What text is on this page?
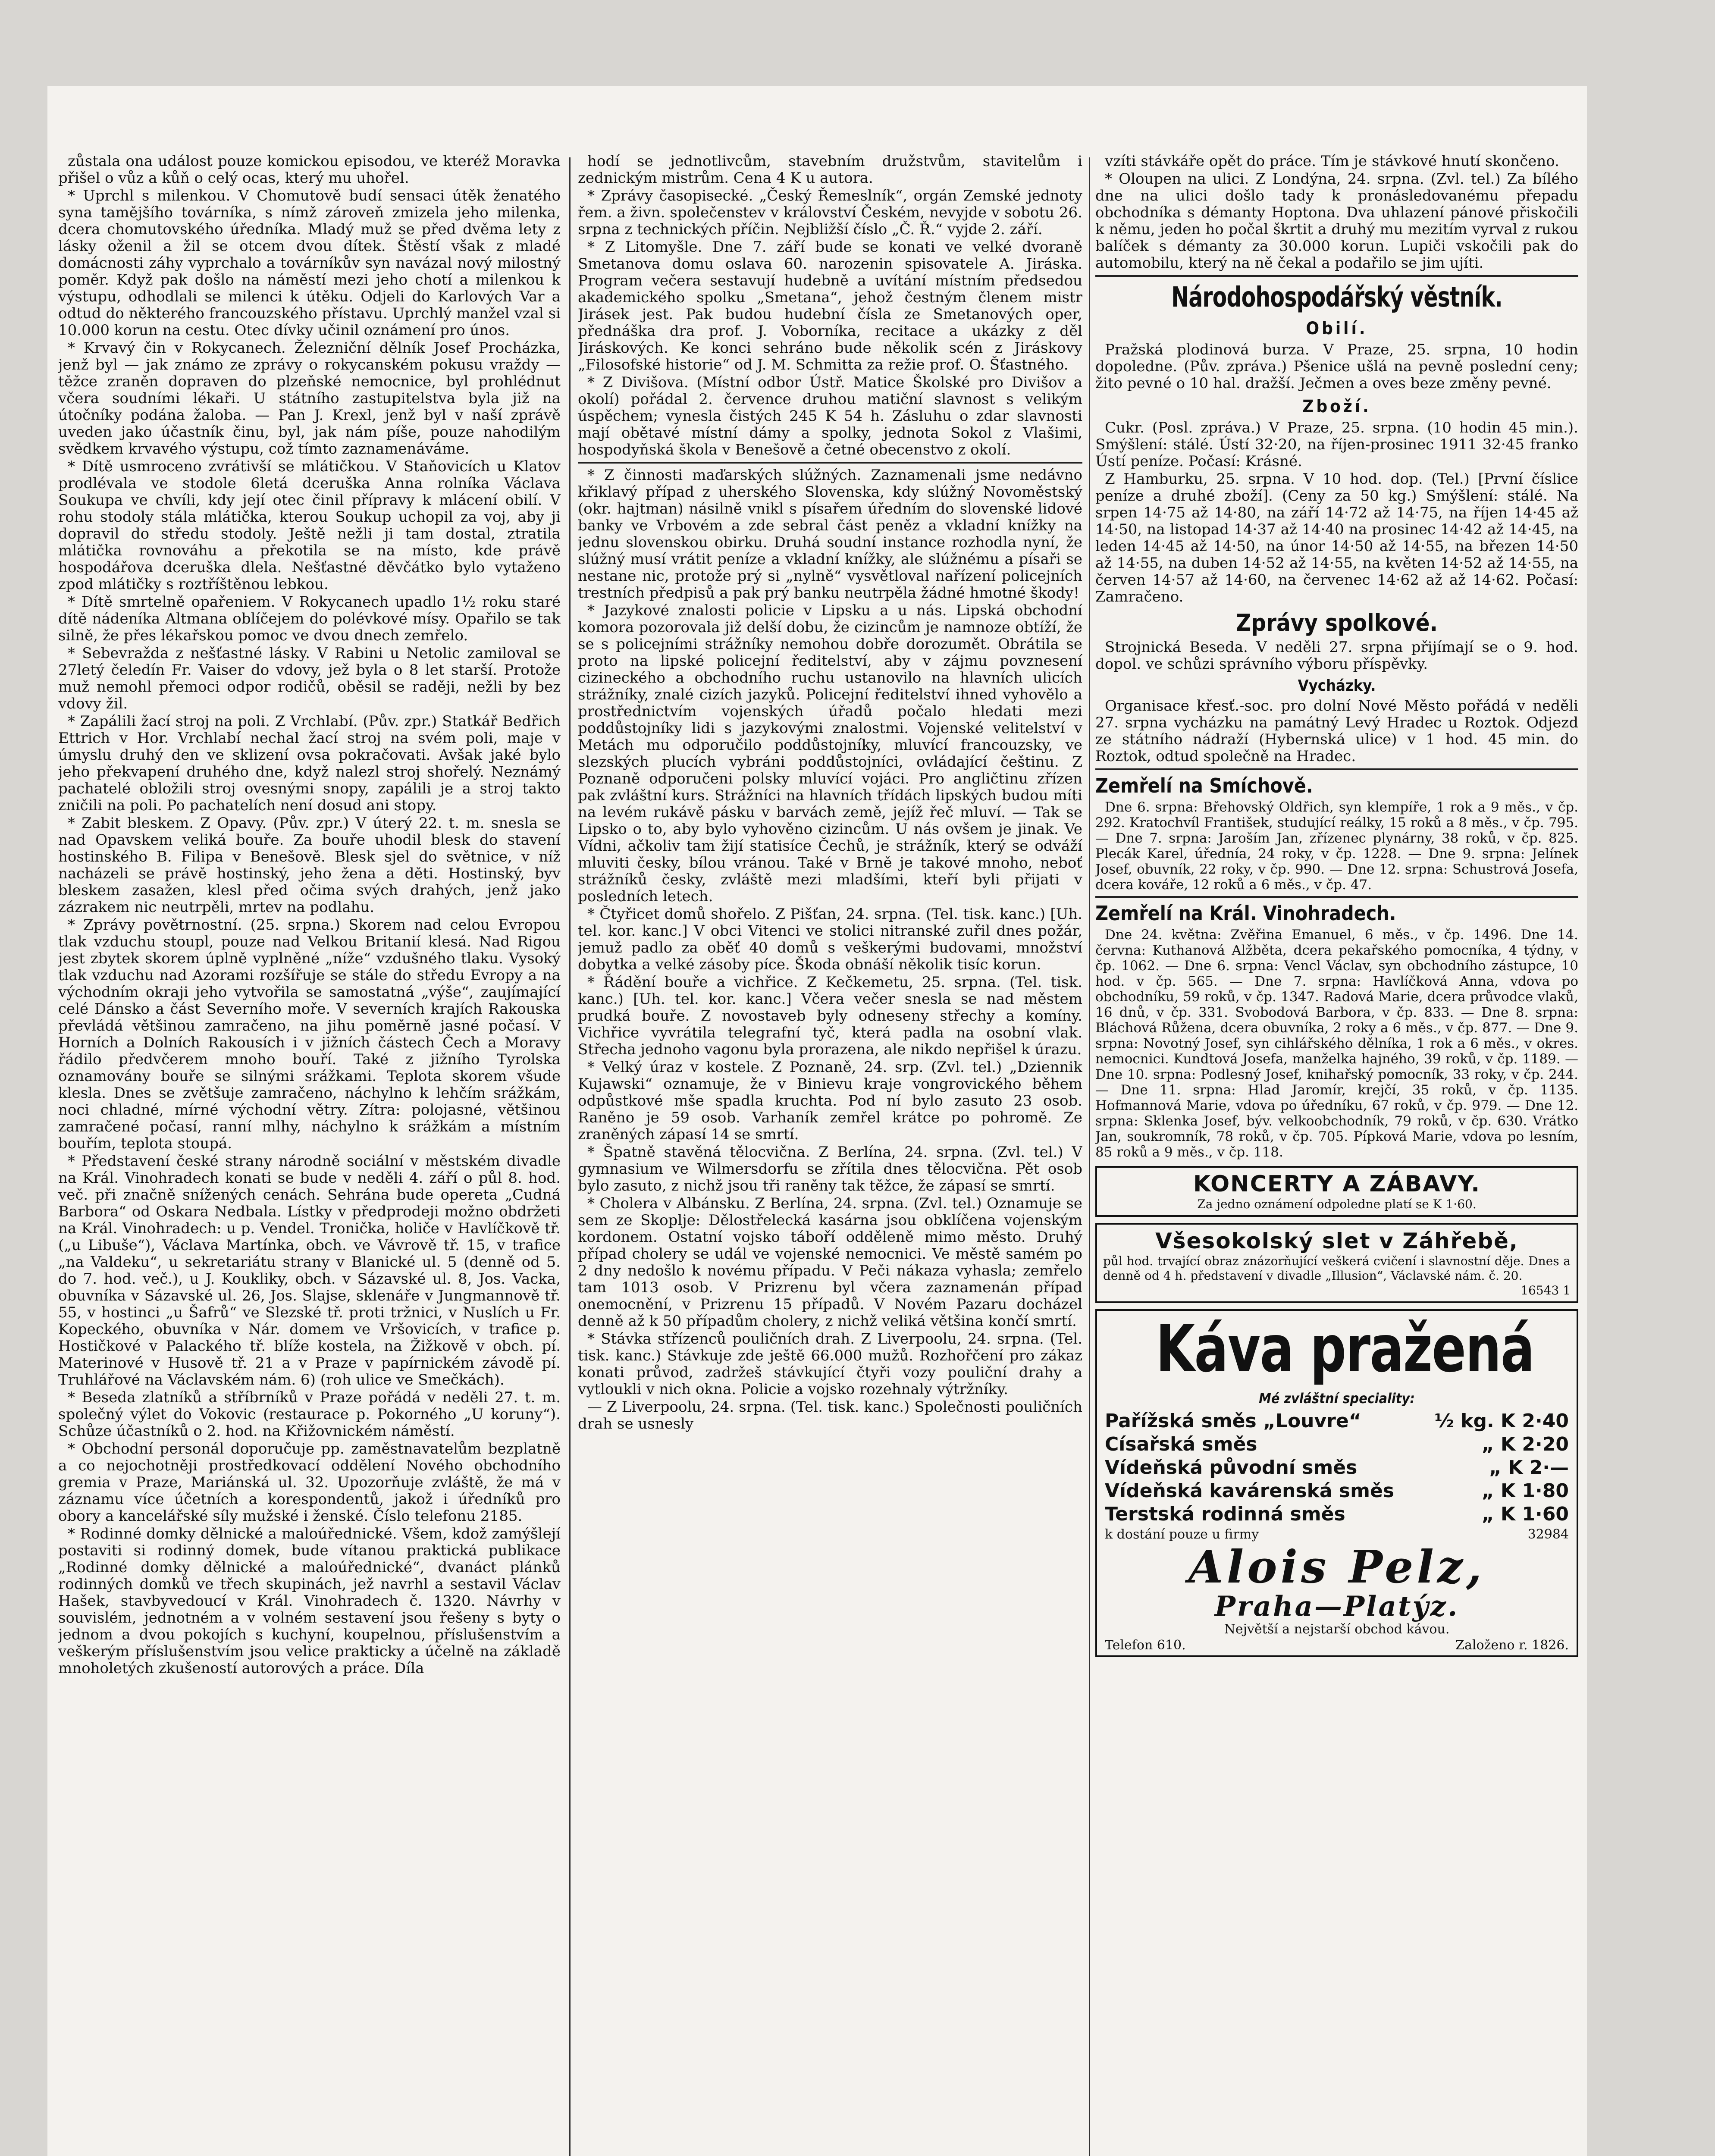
zůstala ona událost pouze komickou episodou, ve kteréž Moravka přišel o vůz a kůň o celý ocas, který mu uhořel.

* Uprchl s milenkou. V Chomutově budí sensaci útěk ženatého syna tamějšího továrníka, s nímž zároveň zmizela jeho milenka, dcera chomutovského úředníka. Mladý muž se před dvěma lety z lásky oženil a žil se otcem dvou dítek. Štěstí však z mladé domácnosti záhy vyprchalo a továrníkův syn navázal nový milostný poměr. Když pak došlo na náměstí mezi jeho chotí a milenkou k výstupu, odhodlali se milenci k útěku. Odjeli do Karlových Var a odtud do některého francouzského přístavu. Uprchlý manžel vzal si 10.000 korun na cestu. Otec dívky učinil oznámení pro únos.

* Krvavý čin v Rokycanech. Železniční dělník Josef Procházka, jenž byl — jak známo ze zprávy o rokycanském pokusu vraždy — těžce zraněn dopraven do plzeňské nemocnice, byl prohlédnut včera soudními lékaři. U státního zastupitelstva byla již na útočníky podána žaloba. — Pan J. Krexl, jenž byl v naší zprávě uveden jako účastník činu, byl, jak nám píše, pouze nahodilým svědkem krvavého výstupu, což tímto zaznamenáváme.

* Dítě usmroceno zvrátivší se mlátičkou. V Staňovicích u Klatov prodlévala ve stodole 6letá dceruška Anna rolníka Václava Soukupa ve chvíli, kdy její otec činil přípravy k mlácení obilí. V rohu stodoly stála mlátička, kterou Soukup uchopil za voj, aby ji dopravil do středu stodoly. Ještě nežli ji tam dostal, ztratila mlátička rovnováhu a překotila se na místo, kde právě hospodářova dceruška dlela. Nešťastné děvčátko bylo vytaženo zpod mlátičky s roztříštěnou lebkou.

* Dítě smrtelně opařeniem. V Rokycanech upadlo 1½ roku staré dítě nádeníka Altmana oblíčejem do polévkové mísy. Opařilo se tak silně, že přes lékařskou pomoc ve dvou dnech zemřelo.

* Sebevražda z nešťastné lásky. V Rabini u Netolic zamiloval se 27letý čeledín Fr. Vaiser do vdovy, jež byla o 8 let starší. Protože muž nemohl přemoci odpor rodičů, oběsil se raději, nežli by bez vdovy žil.

* Zapálili žací stroj na poli. Z Vrchlabí. (Pův. zpr.) Statkář Bedřich Ettrich v Hor. Vrchlabí nechal žací stroj na svém poli, maje v úmyslu druhý den ve sklizení ovsa pokračovati. Avšak jaké bylo jeho překvapení druhého dne, když nalezl stroj shořelý. Neznámý pachatelé obložili stroj ovesnými snopy, zapálili je a stroj takto zničili na poli. Po pachatelích není dosud ani stopy.

* Zabit bleskem. Z Opavy. (Pův. zpr.) V úterý 22. t. m. snesla se nad Opavskem veliká bouře. Za bouře uhodil blesk do stavení hostinského B. Filipa v Benešově. Blesk sjel do světnice, v níž nacházeli se právě hostinský, jeho žena a děti. Hostinský, byv bleskem zasažen, klesl před očima svých drahých, jenž jako zázrakem nic neutrpěli, mrtev na podlahu.

* Zprávy povětrnostní. (25. srpna.) Skorem nad celou Evropou tlak vzduchu stoupl, pouze nad Velkou Britanií klesá. Nad Rigou jest zbytek skorem úplně vyplněné „níže“ vzdušného tlaku. Vysoký tlak vzduchu nad Azorami rozšířuje se stále do středu Evropy a na východním okraji jeho vytvořila se samostatná „výše“, zaujímající celé Dánsko a část Severního moře. V severních krajích Rakouska převládá většinou zamračeno, na jihu poměrně jasné počasí. V Horních a Dolních Rakousích i v jižních částech Čech a Moravy řádilo předvčerem mnoho bouří. Také z jižního Tyrolska oznamovány bouře se silnými srážkami. Teplota skorem všude klesla. Dnes se zvětšuje zamračeno, náchylno k lehčím srážkám, noci chladné, mírné východní větry. Zítra: polojasné, většinou zamračené počasí, ranní mlhy, náchylno k srážkám a místním bouřím, teplota stoupá.

* Představení české strany národně sociální v městském divadle na Král. Vinohradech konati se bude v neděli 4. září o půl 8. hod. več. při značně snížených cenách. Sehrána bude opereta „Cudná Barbora“ od Oskara Nedbala. Lístky v předprodeji možno obdržeti na Král. Vinohradech: u p. Vendel. Tronička, holiče v Havlíčkově tř. („u Libuše“), Václava Martínka, obch. ve Vávrově tř. 15, v trafice „na Valdeku“, u sekretariátu strany v Blanické ul. 5 (denně od 5. do 7. hod. več.), u J. Koukliky, obch. v Sázavské ul. 8, Jos. Vacka, obuvníka v Sázavské ul. 26, Jos. Slajse, sklenáře v Jungmannově tř. 55, v hostinci „u Šafrů“ ve Slezské tř. proti tržnici, v Nuslích u Fr. Kopeckého, obuvníka v Nár. domem ve Vršovicích, v trafice p. Hostičkové v Palackého tř. blíže kostela, na Žižkově v obch. pí. Materinové v Husově tř. 21 a v Praze v papírnickém závodě pí. Truhlářové na Václavském nám. 6) (roh ulice ve Smečkách).

* Beseda zlatníků a stříbrníků v Praze pořádá v neděli 27. t. m. společný výlet do Vokovic (restaurace p. Pokorného „U koruny“). Schůze účastníků o 2. hod. na Křižovnickém náměstí.

* Obchodní personál doporučuje pp. zaměstnavatelům bezplatně a co nejochotněji prostředkovací oddělení Nového obchodního gremia v Praze, Mariánská ul. 32. Upozorňuje zvláště, že má v záznamu více účetních a korespondentů, jakož i úředníků pro obory a kancelářské síly mužské i ženské. Číslo telefonu 2185.

* Rodinné domky dělnické a maloúřednické. Všem, kdož zamýšlejí postaviti si rodinný domek, bude vítanou praktická publikace „Rodinné domky dělnické a maloúřednické“, dvanáct plánků rodinných domků ve třech skupinách, jež navrhl a sestavil Václav Hašek, stavbyvedoucí v Král. Vinohradech č. 1320. Návrhy v souvislém, jednotném a v volném sestavení jsou řešeny s byty o jednom a dvou pokojích s kuchyní, koupelnou, příslušenstvím a veškerým příslušenstvím jsou velice prakticky a účelně na základě mnoholetých zkušeností autorových a práce. Díla

hodí se jednotlivcům, stavebním družstvům, stavitelům i zednickým mistrům. Cena 4 K u autora.

* Zprávy časopisecké. „Český Řemeslník“, orgán Zemské jednoty řem. a živn. společenstev v království Českém, nevyjde v sobotu 26. srpna z technických příčin. Nejbližší číslo „Č. Ř.“ vyjde 2. září.

* Z Litomyšle. Dne 7. září bude se konati ve velké dvoraně Smetanova domu oslava 60. narozenin spisovatele A. Jiráska. Program večera sestavují hudebně a uvítání místním předsedou akademického spolku „Smetana“, jehož čestným členem mistr Jirásek jest. Pak budou hudební čísla ze Smetanových oper, přednáška dra prof. J. Voborníka, recitace a ukázky z děl Jiráskových. Ke konci sehráno bude několik scén z Jiráskovy „Filosofské historie“ od J. M. Schmitta za režie prof. O. Šťastného.

* Z Divišova. (Místní odbor Ústř. Matice Školské pro Divišov a okolí) pořádal 2. července druhou matiční slavnost s velikým úspěchem; vynesla čistých 245 K 54 h. Zásluhu o zdar slavnosti mají obětavé místní dámy a spolky, jednota Sokol z Vlašimi, hospodyňská škola v Benešově a četné obecenstvo z okolí.

* Z činnosti maďarských slúžných. Zaznamenali jsme nedávno křiklavý případ z uherského Slovenska, kdy slúžný Novoměstský (okr. hajtman) násilně vnikl s písařem úředním do slovenské lidové banky ve Vrbovém a zde sebral část peněz a vkladní knížky na jednu slovenskou obirku. Druhá soudní instance rozhodla nyní, že slúžný musí vrátit peníze a vkladní knížky, ale slúžnému a písaři se nestane nic, protože prý si „nylně“ vysvětloval nařízení policejních trestních předpisů a pak prý banku neutrpěla žádné hmotné škody!

* Jazykové znalosti policie v Lipsku a u nás. Lipská obchodní komora pozorovala již delší dobu, že cizincům je namnoze obtíží, že se s policejními strážníky nemohou dobře dorozumět. Obrátila se proto na lipské policejní ředitelství, aby v zájmu povznesení cizineckého a obchodního ruchu ustanovilo na hlavních ulicích strážníky, znalé cizích jazyků. Policejní ředitelství ihned vyhovělo a prostřednictvím vojenských úřadů počalo hledati mezi poddůstojníky lidi s jazykovými znalostmi. Vojenské velitelství v Metách mu odporučilo poddůstojníky, mluvící francouzsky, ve slezských plucích vybráni poddůstojníci, ovládající češtinu. Z Poznaně odporučeni polsky mluvící vojáci. Pro angličtinu zřízen pak zvláštní kurs. Strážníci na hlavních třídách lipských budou míti na levém rukávě pásku v barvách země, jejíž řeč mluví. — Tak se Lipsko o to, aby bylo vyhověno cizincům. U nás ovšem je jinak. Ve Vídni, ačkoliv tam žijí statisíce Čechů, je strážník, který se odváží mluviti česky, bílou vránou. Také v Brně je takové mnoho, neboť strážníků česky, zvláště mezi mladšími, kteří byli přijati v posledních letech.

* Čtyřicet domů shořelo. Z Pišťan, 24. srpna. (Tel. tisk. kanc.) [Uh. tel. kor. kanc.] V obci Vitenci ve stolici nitranské zuřil dnes požár, jemuž padlo za oběť 40 domů s veškerými budovami, množství dobytka a velké zásoby píce. Škoda obnáší několik tisíc korun.

* Řádění bouře a vichřice. Z Kečkemetu, 25. srpna. (Tel. tisk. kanc.) [Uh. tel. kor. kanc.] Včera večer snesla se nad městem prudká bouře. Z novostaveb byly odneseny střechy a komíny. Vichřice vyvrátila telegrafní tyč, která padla na osobní vlak. Střecha jednoho vagonu byla prorazena, ale nikdo nepřišel k úrazu.

* Velký úraz v kostele. Z Poznaně, 24. srp. (Zvl. tel.) „Dziennik Kujawski“ oznamuje, že v Binievu kraje vongrovického během odpůstkové mše spadla kruchta. Pod ní bylo zasuto 23 osob. Raněno je 59 osob. Varhaník zemřel krátce po pohromě. Ze zraněných zápasí 14 se smrtí.

* Špatně stavěná tělocvična. Z Berlína, 24. srpna. (Zvl. tel.) V gymnasium ve Wilmersdorfu se zřítila dnes tělocvična. Pět osob bylo zasuto, z nichž jsou tři raněny tak těžce, že zápasí se smrtí.

* Cholera v Albánsku. Z Berlína, 24. srpna. (Zvl. tel.) Oznamuje se sem ze Skoplje: Dělostřelecká kasárna jsou obklíčena vojenským kordonem. Ostatní vojsko táboří odděleně mimo město. Druhý případ cholery se udál ve vojenské nemocnici. Ve městě samém po 2 dny nedošlo k novému případu. V Peči nákaza vyhasla; zemřelo tam 1013 osob. V Prizrenu byl včera zaznamenán případ onemocnění, v Prizrenu 15 případů. V Novém Pazaru docházel denně až k 50 případům cholery, z nichž veliká většina končí smrtí.

* Stávka střízenců pouličních drah. Z Liverpoolu, 24. srpna. (Tel. tisk. kanc.) Stávkuje zde ještě 66.000 mužů. Rozhořčení pro zákaz konati průvod, zadržeš stávkující čtyři vozy pouliční drahy a vytloukli v nich okna. Policie a vojsko rozehnaly výtržníky.

— Z Liverpoolu, 24. srpna. (Tel. tisk. kanc.) Společnosti pouličních drah se usnesly

vzíti stávkáře opět do práce. Tím je stávkové hnutí skončeno.

* Oloupen na ulici. Z Londýna, 24. srpna. (Zvl. tel.) Za bílého dne na ulici došlo tady k pronásledovanému přepadu obchodníka s démanty Hoptona. Dva uhlazení pánové přiskočili k němu, jeden ho počal škrtit a druhý mu mezitím vyrval z rukou balíček s démanty za 30.000 korun. Lupiči vskočili pak do automobilu, který na ně čekal a podařilo se jim ujíti.

Národohospodářský věstník.
Obilí.

Pražská plodinová burza. V Praze, 25. srpna, 10 hodin dopoledne. (Pův. zpráva.) Pšenice ušlá na pevně poslední ceny; žito pevné o 10 hal. dražší. Ječmen a oves beze změny pevné.

Zboží.

Cukr. (Posl. zpráva.) V Praze, 25. srpna. (10 hodin 45 min.). Smýšlení: stálé. Ústí 32·20, na říjen-prosinec 1911 32·45 franko Ústí peníze. Počasí: Krásné.

Z Hamburku, 25. srpna. V 10 hod. dop. (Tel.) [První číslice peníze a druhé zboží]. (Ceny za 50 kg.) Smýšlení: stálé. Na srpen 14·75 až 14·80, na září 14·72 až 14·75, na říjen 14·45 až 14·50, na listopad 14·37 až 14·40 na prosinec 14·42 až 14·45, na leden 14·45 až 14·50, na únor 14·50 až 14·55, na březen 14·50 až 14·55, na duben 14·52 až 14·55, na květen 14·52 až 14·55, na červen 14·57 až 14·60, na červenec 14·62 až až 14·62. Počasí: Zamračeno.

Zprávy spolkové.

Strojnická Beseda. V neděli 27. srpna přijímají se o 9. hod. dopol. ve schůzi správního výboru příspěvky.

Vycházky.

Organisace křesť.-soc. pro dolní Nové Město pořádá v neděli 27. srpna vycházku na památný Levý Hradec u Roztok. Odjezd ze státního nádraží (Hybernská ulice) v 1 hod. 45 min. do Roztok, odtud společně na Hradec.

Zemřelí na Smíchově.

Dne 6. srpna: Břehovský Oldřich, syn klempíře, 1 rok a 9 měs., v čp. 292. Kratochvíl František, studující reálky, 15 roků a 8 měs., v čp. 795. — Dne 7. srpna: Jaroším Jan, zřízenec plynárny, 38 roků, v čp. 825. Plecák Karel, úřednía, 24 roky, v čp. 1228. — Dne 9. srpna: Jelínek Josef, obuvník, 22 roky, v čp. 990. — Dne 12. srpna: Schustrová Josefa, dcera kováře, 12 roků a 6 měs., v čp. 47.

Zemřelí na Král. Vinohradech.

Dne 24. května: Zvěřina Emanuel, 6 měs., v čp. 1496. Dne 14. června: Kuthanová Alžběta, dcera pekařského pomocníka, 4 týdny, v čp. 1062. — Dne 6. srpna: Vencl Václav, syn obchodního zástupce, 10 hod. v čp. 565. — Dne 7. srpna: Havlíčková Anna, vdova po obchodníku, 59 roků, v čp. 1347. Radová Marie, dcera průvodce vlaků, 16 dnů, v čp. 331. Svobodová Barbora, v čp. 833. — Dne 8. srpna: Bláchová Růžena, dcera obuvníka, 2 roky a 6 měs., v čp. 877. — Dne 9. srpna: Novotný Josef, syn cihlářského dělníka, 1 rok a 6 měs., v okres. nemocnici. Kundtová Josefa, manželka hajného, 39 roků, v čp. 1189. — Dne 10. srpna: Podlesný Josef, knihařský pomocník, 33 roky, v čp. 244. — Dne 11. srpna: Hlad Jaromír, krejčí, 35 roků, v čp. 1135. Hofmannová Marie, vdova po úředníku, 67 roků, v čp. 979. — Dne 12. srpna: Sklenka Josef, býv. velkoobchodník, 79 roků, v čp. 630. Vrátko Jan, soukromník, 78 roků, v čp. 705. Pípková Marie, vdova po lesním, 85 roků a 9 měs., v čp. 118.

KONCERTY A ZÁBAVY.
Za jedno oznámení odpoledne platí se K 1·60.
Všesokolský slet v Záhřebě,
půl hod. trvající obraz znázorňující veškerá cvičení i slavnostní děje. Dnes a denně od 4 h. představení v divadle „Illusion“, Václavské nám. č. 20.
16543 1
Káva pražená
Mé zvláštní speciality:
Pařížská směs „Louvre“	½ kg. K 2·40
Císařská směs	„ K 2·20
Vídeňská původní směs	„ K 2·—
Vídeňská kavárenská směs	„ K 1·80
Terstská rodinná směs	„ K 1·60
k dostání pouze u firmy	32984
Alois Pelz,
Praha—Platýz.
Největší a nejstarší obchod kávou.
Telefon 610.	Založeno r. 1826.
